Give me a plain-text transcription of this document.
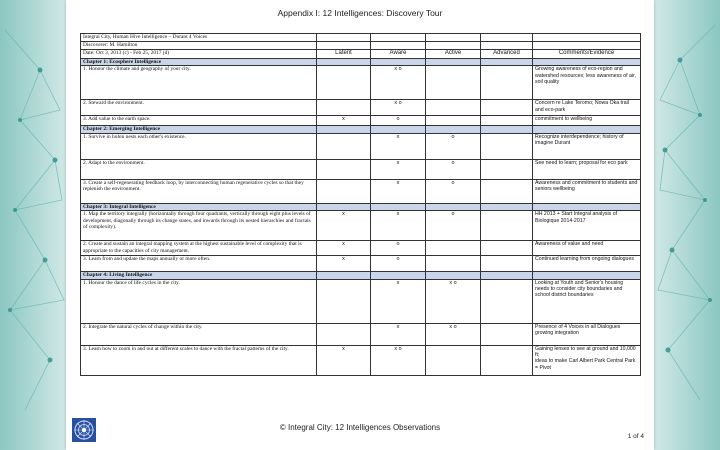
Appendix I: 12 Intelligences: Discovery Tour
Integral City, Human Hive Intelligence – Durant 4 Voices					
Discoverer: M. Hamilton					
Date: Oct 3, 2013 (c) - Feb 25, 2017 (d)	Latent	Aware	Active	Advanced	Comments/Evidence
Chapter 1: Ecosphere Intelligence					
1. Honour the climate and geography of your city.		x o			Growing awareness of eco-region and watershed resources; less awareness of air, soil quality
2. Steward the environment.		x o			Concern re Lake Teromo; Nowa Oka trail and eco-park
3. Add value to the earth space.	x	o			commitment to wellbeing
Chapter 2: Emerging Intelligence					
1. Survive in holon nests each other's existence.		x	o		Recognize interdependence; history of imagine Durant
2. Adapt to the environment.		x	o		See need to learn; proposal for eco park
3. Create a self-regenerating feedback loop, by interconnecting human regenerative cycles so that they replenish the environment.		x	o		Awareness and commitment to students and seniors wellbeing
Chapter 3: Integral Intelligence					
1. Map the territory integrally (horizontally through four quadrants, vertically through eight plus levels of development, diagonally through its change states, and inwards through its nested hierarchies and fractals of complexity).	x	x	o		HH 2013 + Start Integral analysis of Biologique 2014-2017
2. Create and sustain an integral mapping system at the highest sustainable level of complexity that is appropriate to the capacities of city management.	x	o			Awareness of value and need
3. Learn from and update the maps annually or more often.	x	o			Continued learning from ongoing dialogues
Chapter 4: Living Intelligence					
1. Honour the dance of life cycles in the city.		x	x o		Looking at Youth and Senior's housing
needs to consider city boundaries and school district boundaries
2. Integrate the natural cycles of change within the city.		x	x o		Presence of 4 Voices in all Dialogues growing integration
3. Learn how to zoom in and out at different scales to dance with the fractal patterns of the city.	x	x o			Gaining lenses to see at ground and 10,000 ft;
ideas to make Carl Albert Park Central Park = Pivot
© Integral City: 12 Intelligences Observations
1 of 4
